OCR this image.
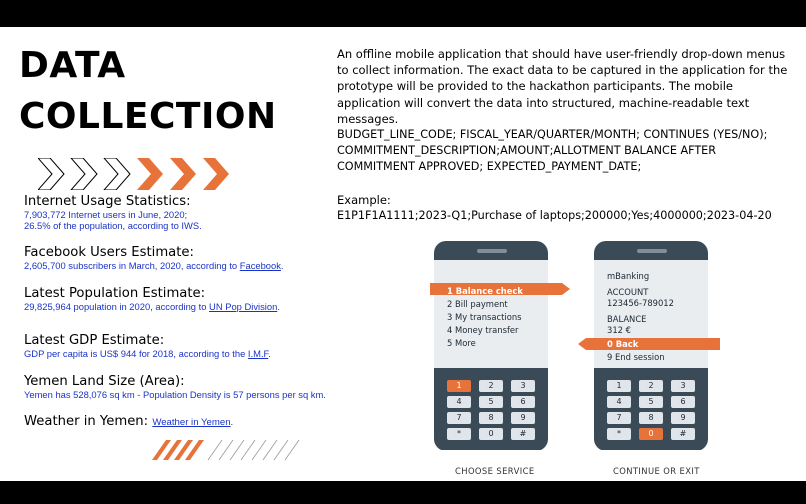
DATA
COLLECTION
Internet Usage Statistics:

7,903,772 Internet users in June, 2020;
26.5% of the population, according to IWS.

Facebook Users Estimate:

2,605,700 subscribers in March, 2020, according to Facebook.

Latest Population Estimate:

29,825,964 population in 2020, according to UN Pop Division.

Latest GDP Estimate:

GDP per capita is US$ 944 for 2018, according to the I.M.F.

Yemen Land Size (Area):

Yemen has 528,076 sq km - Population Density is 57 persons per sq km.

Weather in Yemen: Weather in Yemen.

An offline mobile application that should have user-friendly drop-down menus to collect information. The exact data to be captured in the application for the prototype will be provided to the hackathon participants. The mobile application will convert the data into structured, machine-readable text messages.

BUDGET_LINE_CODE; FISCAL_YEAR/QUARTER/MONTH; CONTINUES (YES/NO); COMMITMENT_DESCRIPTION;AMOUNT;ALLOTMENT BALANCE AFTER COMMITMENT APPROVED; EXPECTED_PAYMENT_DATE;

Example:

E1P1F1A1111;2023-Q1;Purchase of laptops;200000;Yes;4000000;2023-04-20

1 Balance check
2 Bill payment
3 My transactions
4 Money transfer
5 More
mBanking
ACCOUNT
123456-789012
BALANCE
312 €
0 Back
9 End session
1	2	3
4	5	6
7	8	9
*	0	#
1	2	3
4	5	6
7	8	9
*	0	#
CHOOSE SERVICE	CONTINUE OR EXIT
